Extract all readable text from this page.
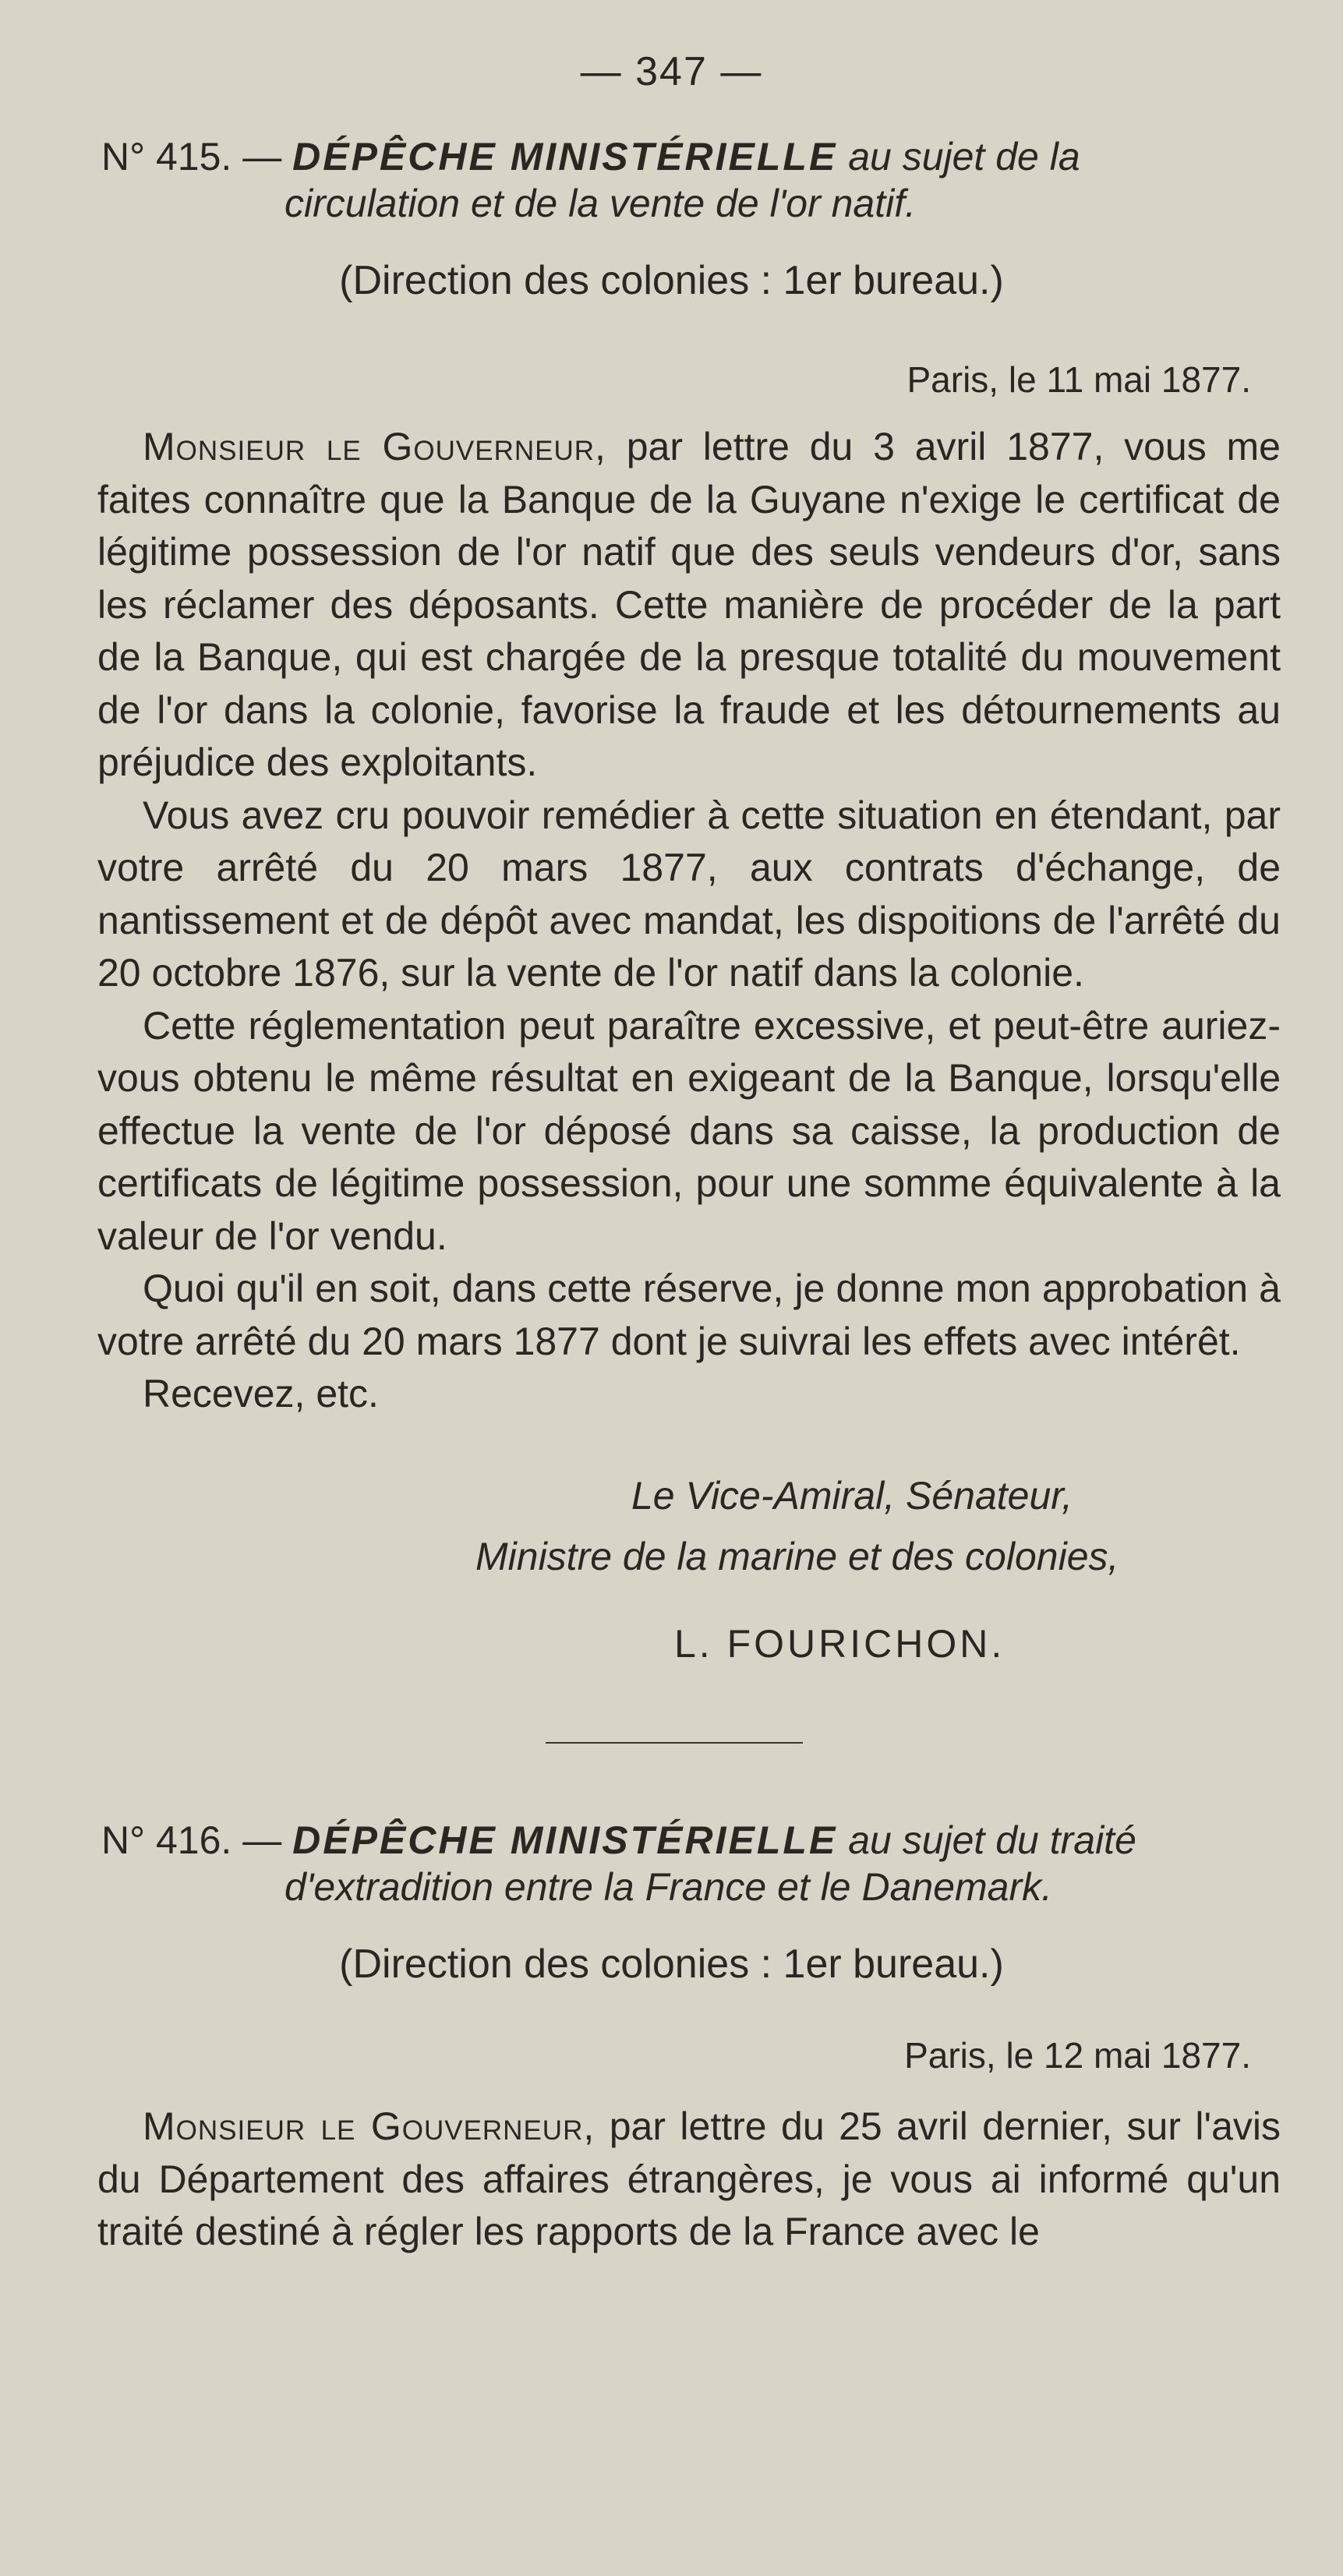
— 347 —
N° 415. — DÉPÊCHE MINISTÉRIELLE au sujet de la
circulation et de la vente de l'or natif.
(Direction des colonies : 1er bureau.)
Paris, le 11 mai 1877.

Monsieur le Gouverneur, par lettre du 3 avril 1877, vous me faites connaître que la Banque de la Guyane n'exige le certificat de légitime possession de l'or natif que des seuls vendeurs d'or, sans les réclamer des déposants. Cette manière de procéder de la part de la Banque, qui est chargée de la presque totalité du mouvement de l'or dans la colonie, favorise la fraude et les détournements au préjudice des exploitants.

Vous avez cru pouvoir remédier à cette situation en étendant, par votre arrêté du 20 mars 1877, aux contrats d'échange, de nantissement et de dépôt avec mandat, les dispoitions de l'arrêté du 20 octobre 1876, sur la vente de l'or natif dans la colonie.

Cette réglementation peut paraître excessive, et peut-être auriez-vous obtenu le même résultat en exigeant de la Banque, lorsqu'elle effectue la vente de l'or déposé dans sa caisse, la production de certificats de légitime possession, pour une somme équivalente à la valeur de l'or vendu.

Quoi qu'il en soit, dans cette réserve, je donne mon approbation à votre arrêté du 20 mars 1877 dont je suivrai les effets avec intérêt.

Recevez, etc.

Le Vice-Amiral, Sénateur,
Ministre de la marine et des colonies,
L. FOURICHON.
N° 416. — DÉPÊCHE MINISTÉRIELLE au sujet du traité
d'extradition entre la France et le Danemark.
(Direction des colonies : 1er bureau.)
Paris, le 12 mai 1877.

Monsieur le Gouverneur, par lettre du 25 avril dernier, sur l'avis du Département des affaires étrangères, je vous ai informé qu'un traité destiné à régler les rapports de la France avec le
